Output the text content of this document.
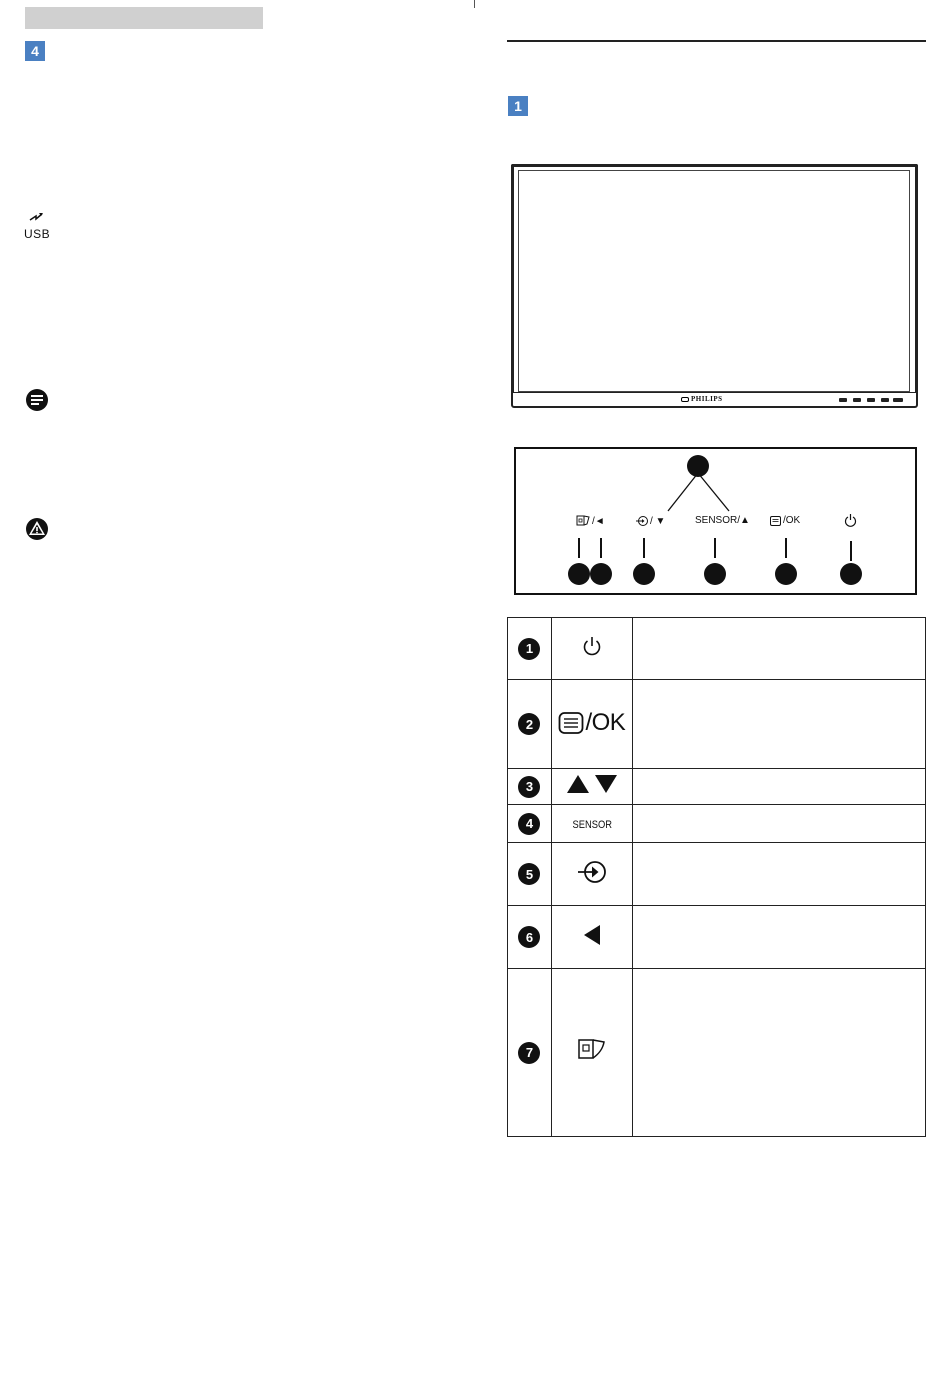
4
USB
1
PHILIPS
/◄	/ ▼	SENSOR/▲	/OK
1		
2	/OK	

3		
4	SENSOR	
5		
6		
7		
